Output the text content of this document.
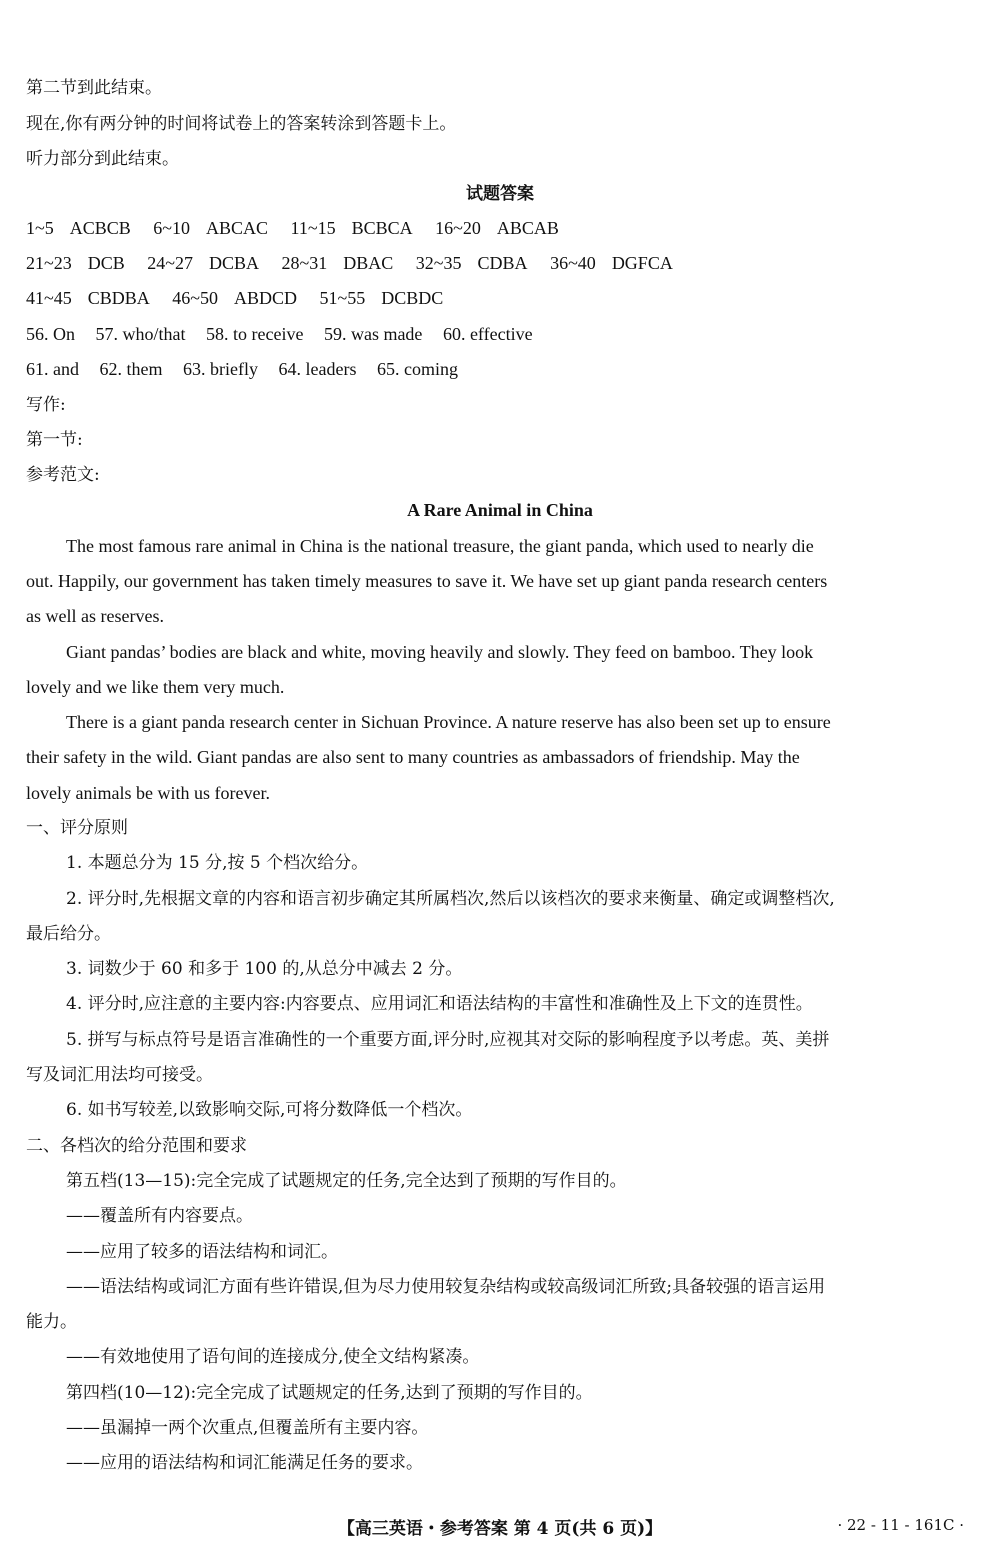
第二节到此结束。
现在,你有两分钟的时间将试卷上的答案转涂到答题卡上。
听力部分到此结束。
试题答案
1~5 ACBCB 6~10 ABCAC 11~15 BCBCA 16~20 ABCAB
21~23 DCB 24~27 DCBA 28~31 DBAC 32~35 CDBA 36~40 DGFCA
41~45 CBDBA 46~50 ABDCD 51~55 DCBDC
56. On 57. who/that 58. to receive 59. was made 60. effective
61. and 62. them 63. briefly 64. leaders 65. coming
写作:
第一节:
参考范文:
A Rare Animal in China
The most famous rare animal in China is the national treasure, the giant panda, which used to nearly die
out. Happily, our government has taken timely measures to save it. We have set up giant panda research centers
as well as reserves.
Giant pandas’ bodies are black and white, moving heavily and slowly. They feed on bamboo. They look
lovely and we like them very much.
There is a giant panda research center in Sichuan Province. A nature reserve has also been set up to ensure
their safety in the wild. Giant pandas are also sent to many countries as ambassadors of friendship. May the
lovely animals be with us forever.
一、评分原则
1. 本题总分为 15 分,按 5 个档次给分。
2. 评分时,先根据文章的内容和语言初步确定其所属档次,然后以该档次的要求来衡量、确定或调整档次,
最后给分。
3. 词数少于 60 和多于 100 的,从总分中减去 2 分。
4. 评分时,应注意的主要内容:内容要点、应用词汇和语法结构的丰富性和准确性及上下文的连贯性。
5. 拼写与标点符号是语言准确性的一个重要方面,评分时,应视其对交际的影响程度予以考虑。英、美拼
写及词汇用法均可接受。
6. 如书写较差,以致影响交际,可将分数降低一个档次。
二、各档次的给分范围和要求
第五档(13—15):完全完成了试题规定的任务,完全达到了预期的写作目的。
——覆盖所有内容要点。
——应用了较多的语法结构和词汇。
——语法结构或词汇方面有些许错误,但为尽力使用较复杂结构或较高级词汇所致;具备较强的语言运用
能力。
——有效地使用了语句间的连接成分,使全文结构紧凑。
第四档(10—12):完全完成了试题规定的任务,达到了预期的写作目的。
——虽漏掉一两个次重点,但覆盖所有主要内容。
——应用的语法结构和词汇能满足任务的要求。
【高三英语・参考答案 第 4 页(共 6 页)】	· 22 - 11 - 161C ·
